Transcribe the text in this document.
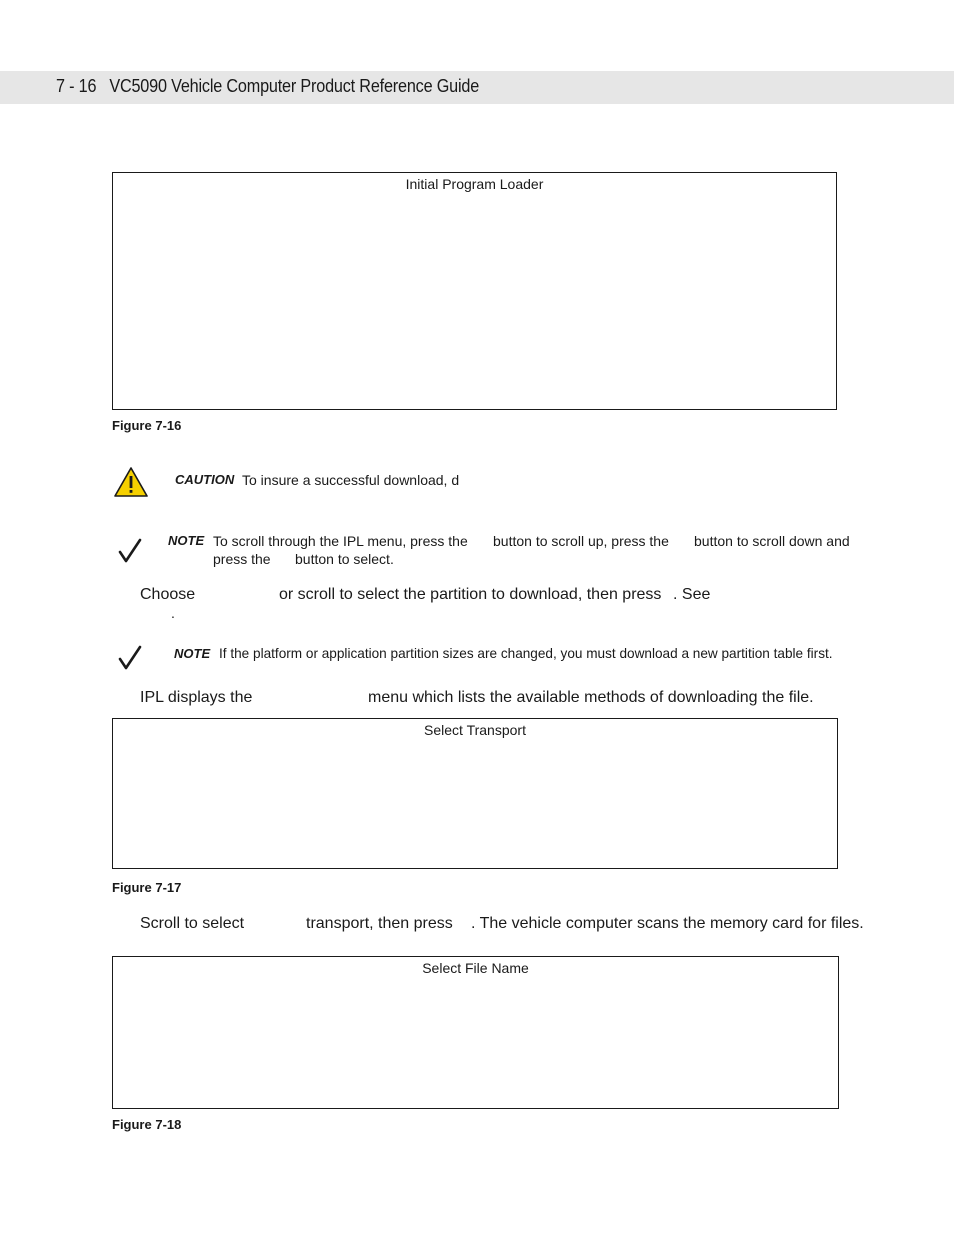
7 - 16 VC5090 Vehicle Computer Product Reference Guide
Initial Program Loader
Figure 7-16
CAUTION To insure a successful download, d
NOTE To scroll through the IPL menu, press the button to scroll up, press the button to scroll down and
press the button to select.
Choose	or scroll to select the partition to download, then press . See
.
NOTE If the platform or application partition sizes are changed, you must download a new partition table first.
IPL displays the	menu which lists the available methods of downloading the file.
Select Transport
Figure 7-17
Scroll to select	transport, then press . The vehicle computer scans the memory card for files.
Select File Name
Figure 7-18
